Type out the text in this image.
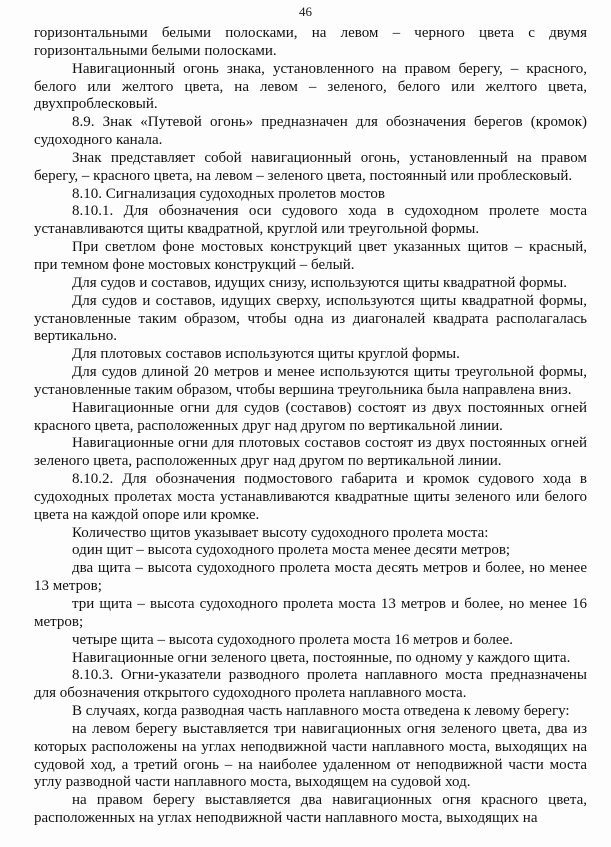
46

горизонтальными белыми полосками, на левом – черного цвета с двумя горизонтальными белыми полосками.

Навигационный огонь знака, установленного на правом берегу, – красного, белого или желтого цвета, на левом – зеленого, белого или желтого цвета, двухпроблесковый.

8.9. Знак «Путевой огонь» предназначен для обозначения берегов (кромок) судоходного канала.

Знак представляет собой навигационный огонь, установленный на правом берегу, – красного цвета, на левом – зеленого цвета, постоянный или проблесковый.

8.10. Сигнализация судоходных пролетов мостов

8.10.1. Для обозначения оси судового хода в судоходном пролете моста устанавливаются щиты квадратной, круглой или треугольной формы.

При светлом фоне мостовых конструкций цвет указанных щитов – красный, при темном фоне мостовых конструкций – белый.

Для судов и составов, идущих снизу, используются щиты квадратной формы.

Для судов и составов, идущих сверху, используются щиты квадратной формы, установленные таким образом, чтобы одна из диагоналей квадрата располагалась вертикально.

Для плотовых составов используются щиты круглой формы.

Для судов длиной 20 метров и менее используются щиты треугольной формы, установленные таким образом, чтобы вершина треугольника была направлена вниз.

Навигационные огни для судов (составов) состоят из двух постоянных огней красного цвета, расположенных друг над другом по вертикальной линии.

Навигационные огни для плотовых составов состоят из двух постоянных огней зеленого цвета, расположенных друг над другом по вертикальной линии.

8.10.2. Для обозначения подмостового габарита и кромок судового хода в судоходных пролетах моста устанавливаются квадратные щиты зеленого или белого цвета на каждой опоре или кромке.

Количество щитов указывает высоту судоходного пролета моста:

один щит – высота судоходного пролета моста менее десяти метров;

два щита – высота судоходного пролета моста десять метров и более, но менее 13 метров;

три щита – высота судоходного пролета моста 13 метров и более, но менее 16 метров;

четыре щита – высота судоходного пролета моста 16 метров и более.

Навигационные огни зеленого цвета, постоянные, по одному у каждого щита.

8.10.3. Огни-указатели разводного пролета наплавного моста предназначены для обозначения открытого судоходного пролета наплавного моста.

В случаях, когда разводная часть наплавного моста отведена к левому берегу:

на левом берегу выставляется три навигационных огня зеленого цвета, два из которых расположены на углах неподвижной части наплавного моста, выходящих на судовой ход, а третий огонь – на наиболее удаленном от неподвижной части моста углу разводной части наплавного моста, выходящем на судовой ход.

на правом берегу выставляется два навигационных огня красного цвета, расположенных на углах неподвижной части наплавного моста, выходящих на
